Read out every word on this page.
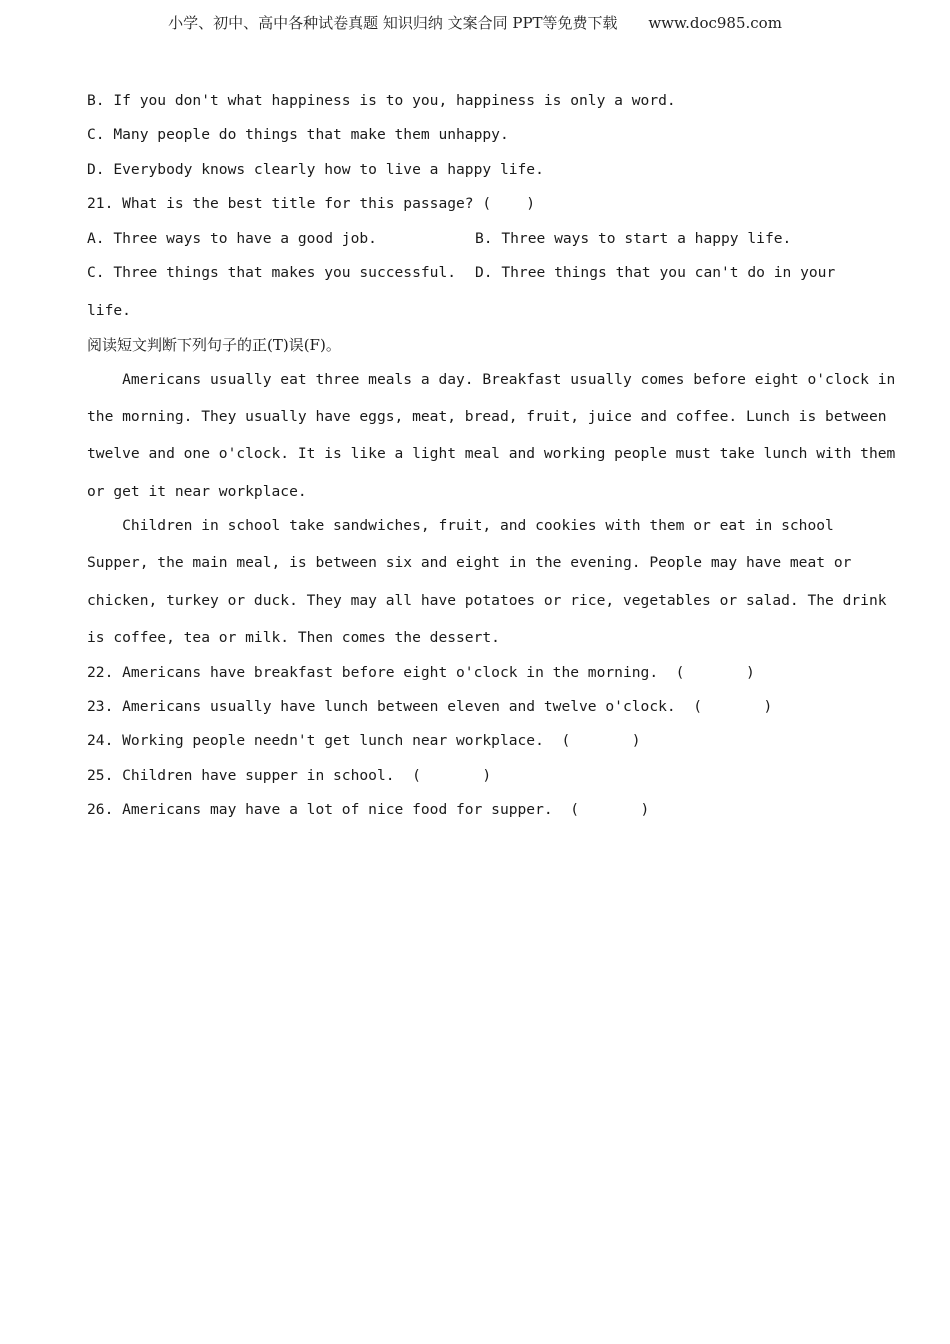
小学、初中、高中各种试卷真题 知识归纳 文案合同 PPT等免费下载 www.doc985.com
B. If you don't what happiness is to you, happiness is only a word.
C. Many people do things that make them unhappy.
D. Everybody knows clearly how to live a happy life.
21. What is the best title for this passage? (    )
A. Three ways to have a good job.	B. Three ways to start a happy life.
C. Three things that makes you successful. D. Three things that you can't do in your
life.
阅读短文判断下列句子的正(T)误(F)。
Americans usually eat three meals a day. Breakfast usually comes before eight o'clock in
the morning. They usually have eggs, meat, bread, fruit, juice and coffee. Lunch is between
twelve and one o'clock. It is like a light meal and working people must take lunch with them
or get it near workplace.
Children in school take sandwiches, fruit, and cookies with them or eat in school
Supper, the main meal, is between six and eight in the evening. People may have meat or
chicken, turkey or duck. They may all have potatoes or rice, vegetables or salad. The drink
is coffee, tea or milk. Then comes the dessert.
22. Americans have breakfast before eight o'clock in the morning.  (       )
23. Americans usually have lunch between eleven and twelve o'clock.  (       )
24. Working people needn't get lunch near workplace.  (       )
25. Children have supper in school.  (       )
26. Americans may have a lot of nice food for supper.  (       )
